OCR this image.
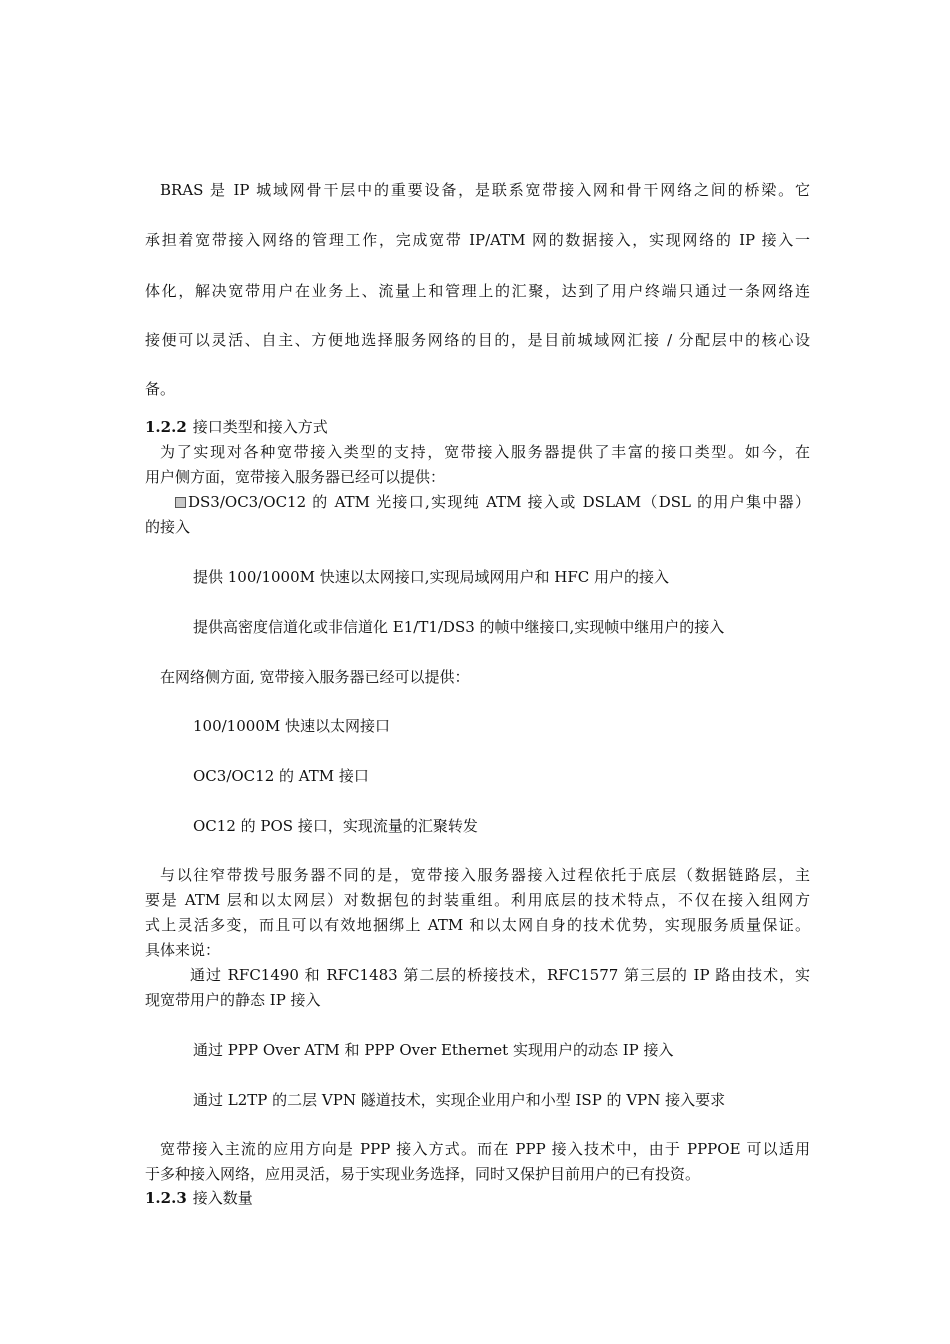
BRAS 是 IP 城域网骨干层中的重要设备，是联系宽带接入网和骨干网络之间的桥梁。它
承担着宽带接入网络的管理工作，完成宽带 IP/ATM 网的数据接入，实现网络的 IP 接入一
体化，解决宽带用户在业务上、流量上和管理上的汇聚，达到了用户终端只通过一条网络连
接便可以灵活、自主、方便地选择服务网络的目的，是目前城域网汇接 / 分配层中的核心设
备。
1.2.2 接口类型和接入方式
为了实现对各种宽带接入类型的支持，宽带接入服务器提供了丰富的接口类型。如今，在
用户侧方面，宽带接入服务器已经可以提供：
DS3/OC3/OC12 的 ATM 光接口,实现纯 ATM 接入或 DSLAM（DSL 的用户集中器）
的接入
提供 100/1000M 快速以太网接口,实现局域网用户和 HFC 用户的接入
提供高密度信道化或非信道化 E1/T1/DS3 的帧中继接口,实现帧中继用户的接入
在网络侧方面, 宽带接入服务器已经可以提供：
100/1000M 快速以太网接口
OC3/OC12 的 ATM 接口
OC12 的 POS 接口，实现流量的汇聚转发
与以往窄带拨号服务器不同的是，宽带接入服务器接入过程依托于底层（数据链路层，主
要是 ATM 层和以太网层）对数据包的封装重组。利用底层的技术特点，不仅在接入组网方
式上灵活多变，而且可以有效地捆绑上 ATM 和以太网自身的技术优势，实现服务质量保证。
具体来说：
通过 RFC1490 和 RFC1483 第二层的桥接技术，RFC1577 第三层的 IP 路由技术，实
现宽带用户的静态 IP 接入
通过 PPP Over ATM 和 PPP Over Ethernet 实现用户的动态 IP 接入
通过 L2TP 的二层 VPN 隧道技术，实现企业用户和小型 ISP 的 VPN 接入要求
宽带接入主流的应用方向是 PPP 接入方式。而在 PPP 接入技术中，由于 PPPOE 可以适用
于多种接入网络，应用灵活，易于实现业务选择，同时又保护目前用户的已有投资。
1.2.3 接入数量
